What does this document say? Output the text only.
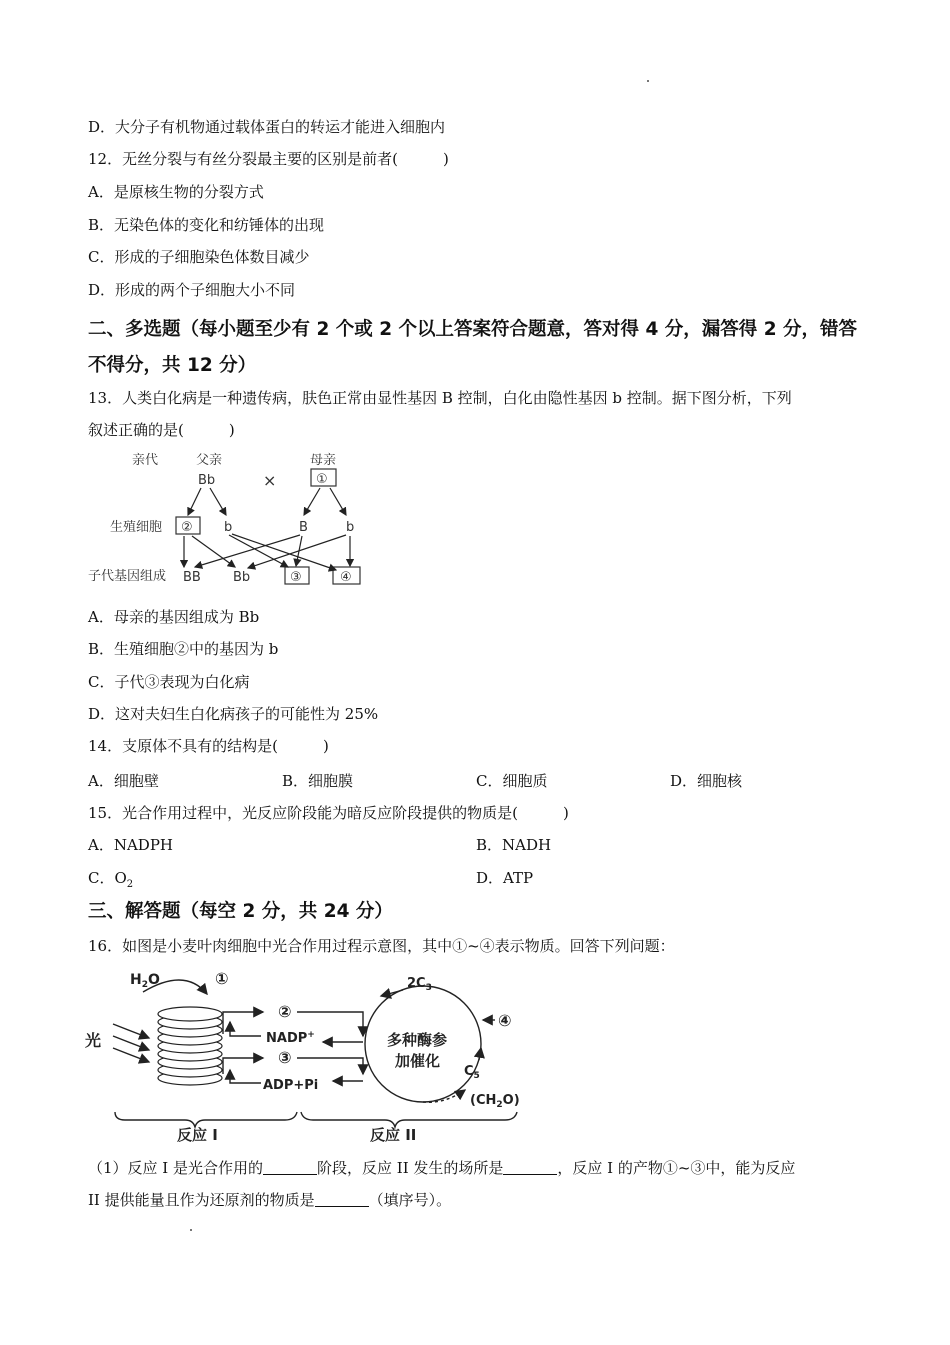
D．大分子有机物通过载体蛋白的转运才能进入细胞内
12．无丝分裂与有丝分裂最主要的区别是前者(　　　)
A．是原核生物的分裂方式
B．无染色体的变化和纺锤体的出现
C．形成的子细胞染色体数目减少
D．形成的两个子细胞大小不同
二、多选题（每小题至少有 2 个或 2 个以上答案符合题意，答对得 4 分，漏答得 2 分，错答
不得分，共 12 分）
13．人类白化病是一种遗传病，肤色正常由显性基因 B 控制，白化由隐性基因 b 控制。据下图分析，下列
叙述正确的是(　　　)
亲代	父亲	母亲
Bb	×	①
生殖细胞 ② b	B	b
子代基因组成 BB Bb	③	④
A．母亲的基因组成为 Bb
B．生殖细胞②中的基因为 b
C．子代③表现为白化病
D．这对夫妇生白化病孩子的可能性为 25%
14．支原体不具有的结构是(　　　)
A．细胞壁	B．细胞膜	C．细胞质	D．细胞核
15．光合作用过程中，光反应阶段能为暗反应阶段提供的物质是(　　　)
A．NADPH	B．NADH
C．$O_2$	D．ATP
三、解答题（每空 2 分，共 24 分）
16．如图是小麦叶肉细胞中光合作用过程示意图，其中①~④表示物质。回答下列问题：
$H_2O$	①
光
②
NADP+
③
ADP+Pi
$2C_3$
多种酶参
加催化
④
$C_5$
$(CH_2O)$
反应 I	反应 II
（1）反应 I 是光合作用的	阶段，反应 II 发生的场所是	，反应 I 的产物①~③中，能为反应
II 提供能量且作为还原剂的物质是	（填序号）。
